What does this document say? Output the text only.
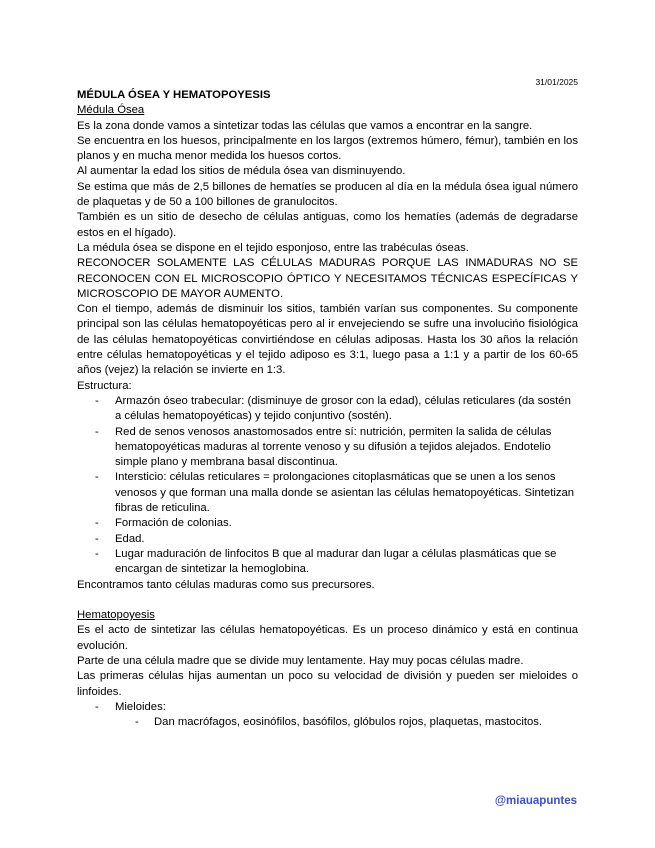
31/01/2025

MÉDULA ÓSEA Y HEMATOPOYESIS

Médula Ósea

Es la zona donde vamos a sintetizar todas las células que vamos a encontrar en la sangre.

Se encuentra en los huesos, principalmente en los largos (extremos húmero, fémur), también en los planos y en mucha menor medida los huesos cortos.

Al aumentar la edad los sitios de médula ósea van disminuyendo.

Se estima que más de 2,5 billones de hematíes se producen al día en la médula ósea igual número de plaquetas y de 50 a 100 billones de granulocitos.

También es un sitio de desecho de células antiguas, como los hematíes (además de degradarse estos en el hígado).

La médula ósea se dispone en el tejido esponjoso, entre las trabéculas óseas.

RECONOCER SOLAMENTE LAS CÉLULAS MADURAS PORQUE LAS INMADURAS NO SE RECONOCEN CON EL MICROSCOPIO ÓPTICO Y NECESITAMOS TÉCNICAS ESPECÍFICAS Y MICROSCOPIO DE MAYOR AUMENTO.

Con el tiempo, además de disminuir los sitios, también varían sus componentes. Su componente principal son las células hematopoyéticas pero al ir envejeciendo se sufre una involucińo fisiológica de las células hematopoyéticas convirtiéndose en células adiposas. Hasta los 30 años la relación entre células hematopoyéticas y el tejido adiposo es 3:1, luego pasa a 1:1 y a partir de los 60-65 años (vejez) la relación se invierte en 1:3.

Estructura:

- Armazón óseo trabecular: (disminuye de grosor con la edad), células reticulares (da sostén a células hematopoyéticas) y tejido conjuntivo (sostén).
- Red de senos venosos anastomosados entre sí: nutrición, permiten la salida de células hematopoyéticas maduras al torrente venoso y su difusión a tejidos alejados. Endotelio simple plano y membrana basal discontinua.
- Intersticio: células reticulares = prolongaciones citoplasmáticas que se unen a los senos venosos y que forman una malla donde se asientan las células hematopoyéticas. Sintetizan fibras de reticulina.
- Formación de colonias.
- Edad.
- Lugar maduración de linfocitos B que al madurar dan lugar a células plasmáticas que se encargan de sintetizar la hemoglobina.

Encontramos tanto células maduras como sus precursores.

Hematopoyesis

Es el acto de sintetizar las células hematopoyéticas. Es un proceso dinámico y está en continua evolución.

Parte de una célula madre que se divide muy lentamente. Hay muy pocas células madre.

Las primeras células hijas aumentan un poco su velocidad de división y pueden ser mieloides o linfoides.

- Mieloides:
- Dan macrófagos, eosinófilos, basófilos, glóbulos rojos, plaquetas, mastocitos.
@miauapuntes
